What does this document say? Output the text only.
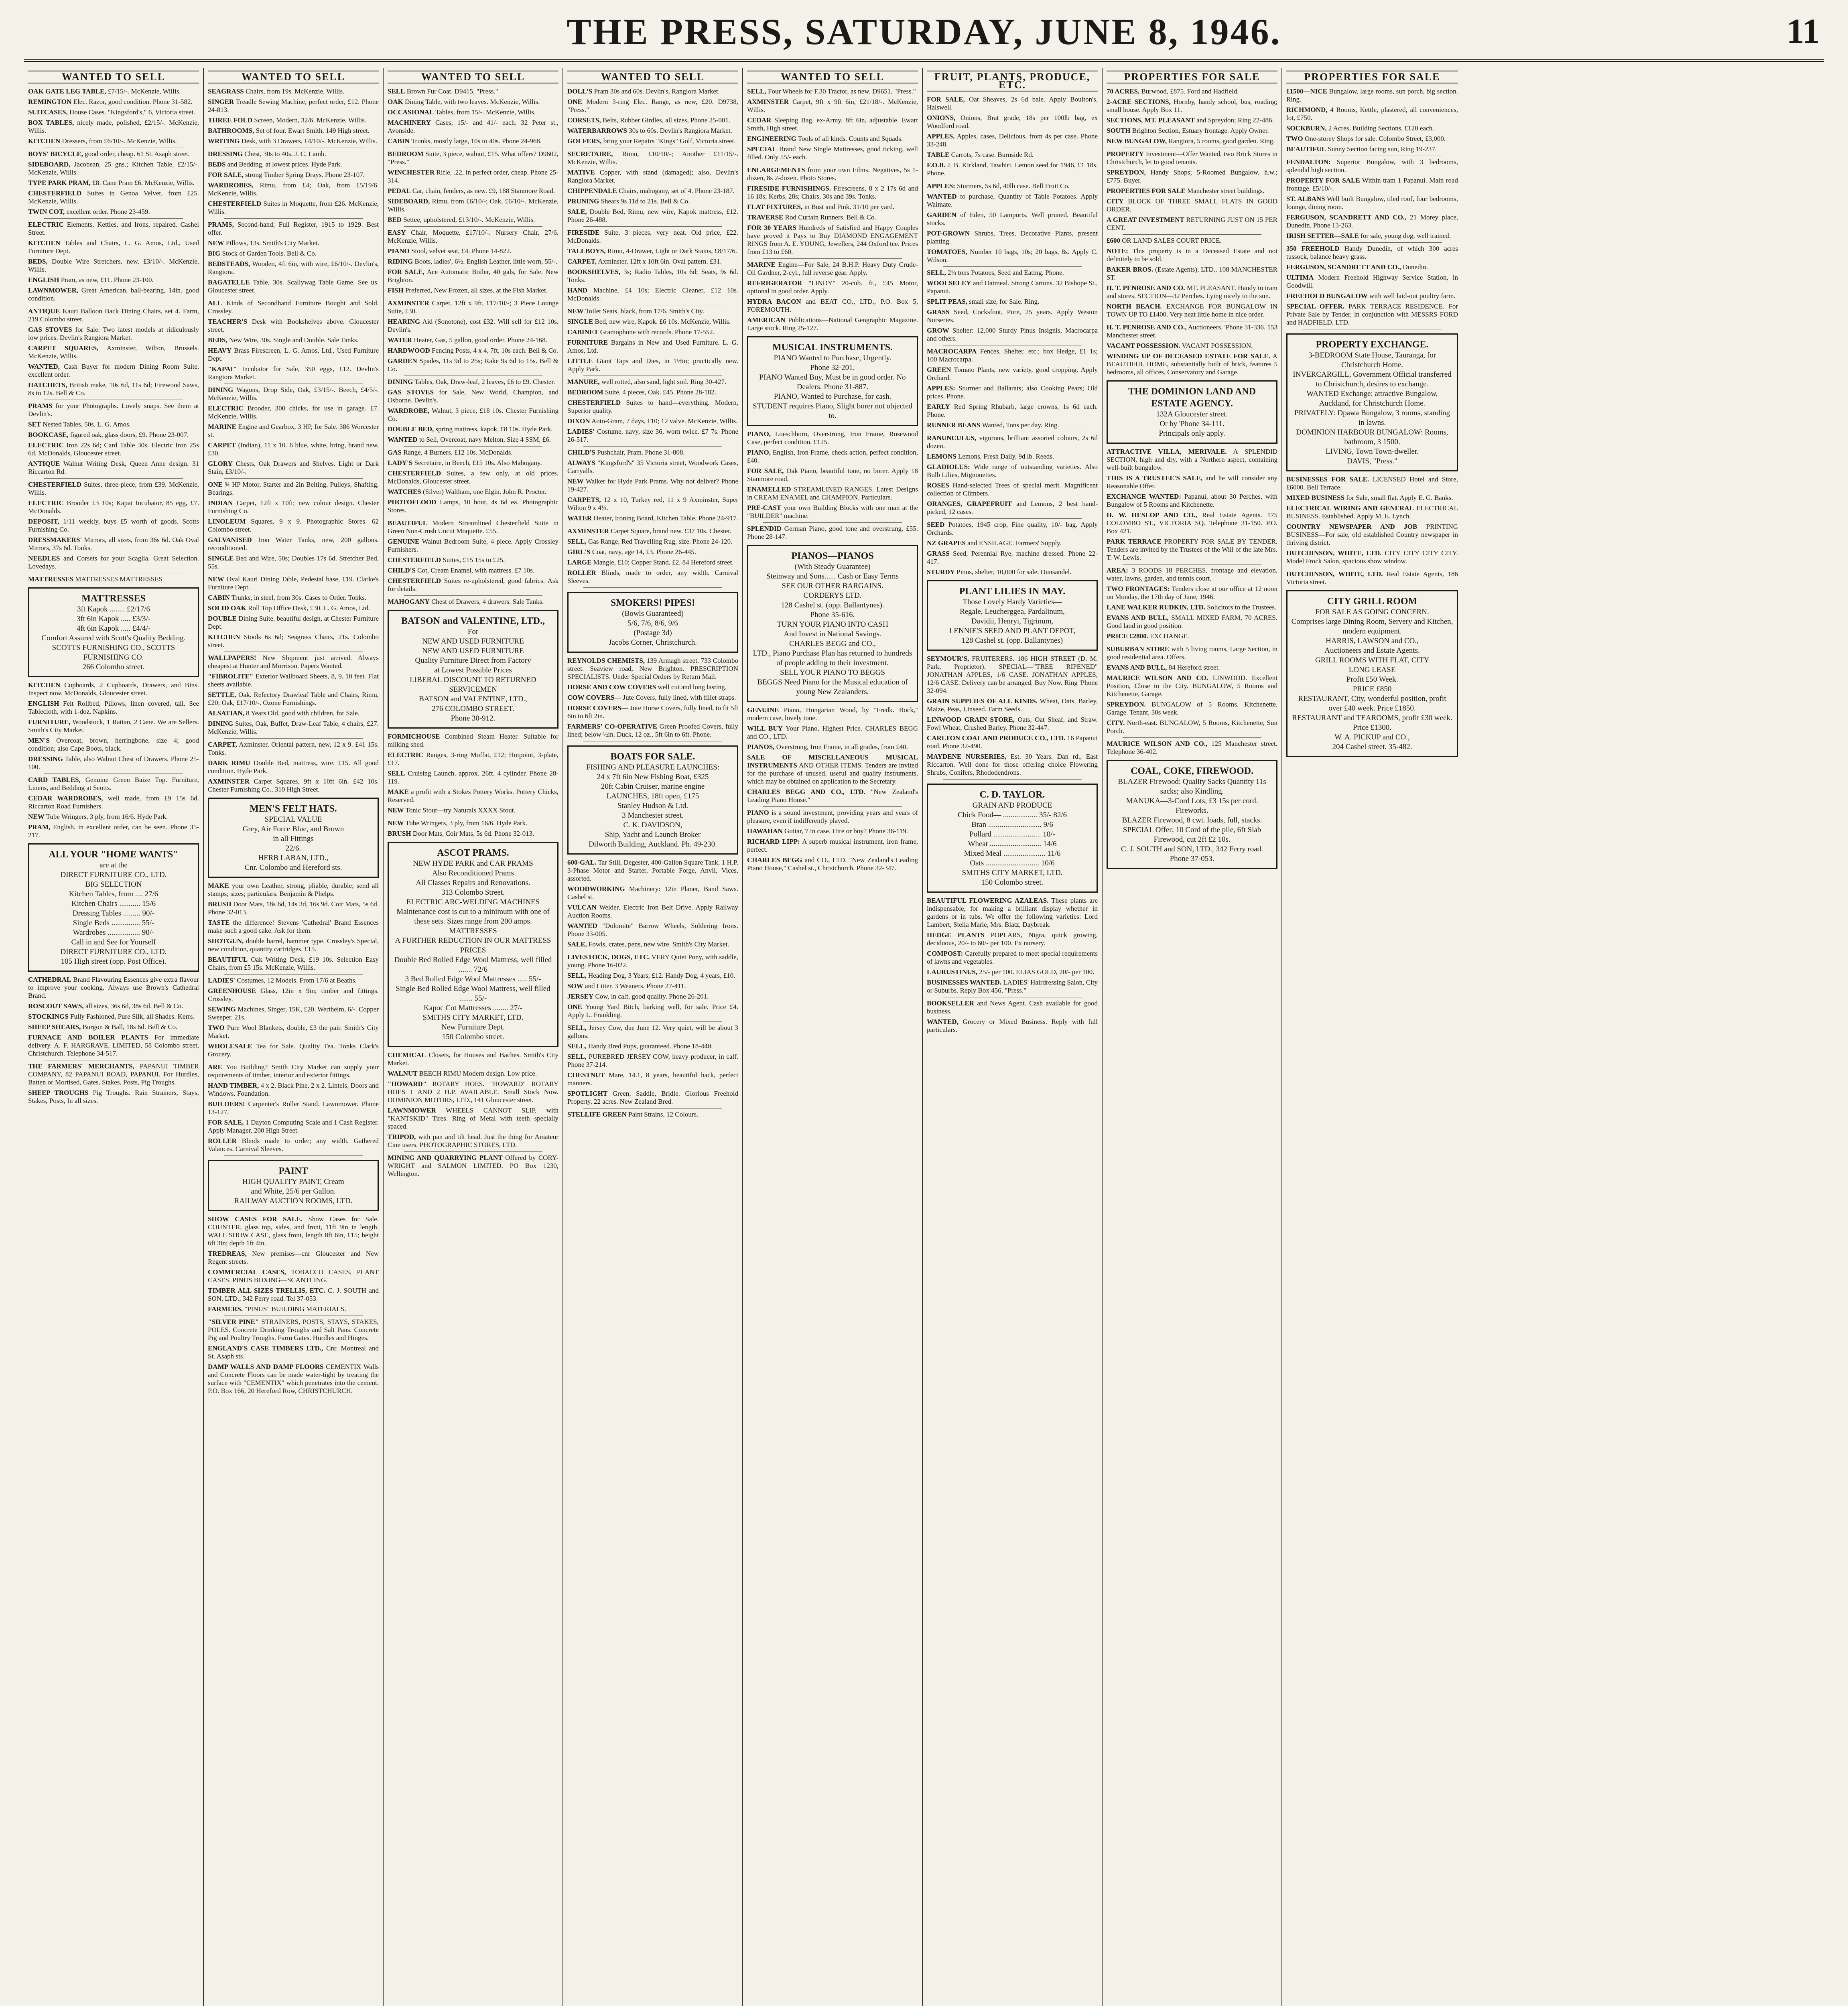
THE PRESS, SATURDAY, JUNE 8, 1946.	11
WANTED TO SELL

OAK GATE LEG TABLE, £7/15/-. McKenzie, Willis.

REMINGTON Elec. Razor, good condition. Phone 31-582.

SUITCASES, House Cases. "Kingsford's," 6, Victoria street.

BOX TABLES, nicely made, polished, £2/15/-. McKenzie, Willis.

KITCHEN Dressers, from £6/10/-. McKenzie, Willis.

BOYS' BICYCLE, good order, cheap. 61 St. Asaph street.

SIDEBOARD, Jacobean, 25 gns.; Kitchen Table, £2/15/-. McKenzie, Willis.

TYPE PARK PRAM, £8. Cane Pram £6. McKenzie, Willis.

CHESTERFIELD Suites in Genoa Velvet, from £25. McKenzie, Willis.

TWIN COT, excellent order. Phone 23-459.

ELECTRIC Elements, Kettles, and Irons, repaired. Cashel Street.

KITCHEN Tables and Chairs, L. G. Amos, Ltd., Used Furniture Dept.

BEDS, Double Wire Stretchers, new, £3/10/-. McKenzie, Willis.

ENGLISH Pram, as new, £11. Phone 23-100.

LAWNMOWER, Great American, ball-bearing, 14in. good condition.

ANTIQUE Kauri Balloon Back Dining Chairs, set 4. Farm, 219 Colombo street.

GAS STOVES for Sale. Two latest models at ridiculously low prices. Devlin's Rangiora Market.

CARPET SQUARES, Axminster, Wilton, Brussels. McKenzie, Willis.

WANTED, Cash Buyer for modern Dining Room Suite, excellent order.

HATCHETS, British make, 10s 6d, 11s 6d; Firewood Saws, 8s to 12s. Bell & Co.

PRAMS for your Photographs. Lovely snaps. See them at Devlin's.

SET Nested Tables, 50s. L. G. Amos.

BOOKCASE, figured oak, glass doors, £9. Phone 23-007.

ELECTRIC Iron 22s 6d; Card Table 30s. Electric Iron 25s 6d. McDonalds, Gloucester street.

ANTIQUE Walnut Writing Desk, Queen Anne design. 31 Riccarton Rd.

CHESTERFIELD Suites, three-piece, from £39. McKenzie, Willis.

ELECTRIC Brooder £3 10s; Kapai Incubator, 85 egg, £7. McDonalds.

DEPOSIT, 1/11 weekly, buys £5 worth of goods. Scotts Furnishing Co.

DRESSMAKERS' Mirrors, all sizes, from 36s 6d. Oak Oval Mirrors, 37s 6d. Tonks.

NEEDLES and Corsets for your Scaglia. Great Selection. Lovedays.

MATTRESSES MATTRESSES MATTRESSES

MATTRESSES
3ft Kapok ........ £2/17/6
3ft 6in Kapok ..... £3/3/-
4ft 6in Kapok ..... £4/4/-
Comfort Assured with Scott's Quality Bedding.
SCOTTS FURNISHING CO., SCOTTS FURNISHING CO.
266 Colombo street.

KITCHEN Cupboards, 2 Cupboards, Drawers, and Bins. Inspect now. McDonalds, Gloucester street.

ENGLISH Felt Rollbed, Pillows, linen covered, tall. See Tablecloth, with 1-doz. Napkins.

FURNITURE, Woodstock, 1 Rattan, 2 Cane. We are Sellers. Smith's City Market.

MEN'S Overcoat, brown, herringbone, size 4; good condition; also Cape Boots, black.

DRESSING Table, also Walnut Chest of Drawers. Phone 25-100.

CARD TABLES, Genuine Green Baize Top. Furniture, Linens, and Bedding at Scotts.

CEDAR WARDROBES, well made, from £9 15s 6d. Riccarton Road Furnishers.

NEW Tube Wringers, 3 ply, from 16/6. Hyde Park.

PRAM, English, in excellent order, can be seen. Phone 35-217.

ALL YOUR "HOME WANTS"
are at the
DIRECT FURNITURE CO., LTD.
BIG SELECTION
Kitchen Tables, from .... 27/6
Kitchen Chairs ........... 15/6
Dressing Tables ......... 90/-
Single Beds ............... 55/-
Wardrobes ................. 90/-
Call in and See for Yourself
DIRECT FURNITURE CO., LTD.
105 High street (opp. Post Office).

CATHEDRAL Brand Flavouring Essences give extra flavour to improve your cooking. Always use Brown's Cathedral Brand.

ROSCOUT SAWS, all sizes, 36s 6d, 38s 6d. Bell & Co.

STOCKINGS Fully Fashioned, Pure Silk, all Shades. Kerrs.

SHEEP SHEARS, Burgon & Ball, 18s 6d. Bell & Co.

FURNACE AND BOILER PLANTS For immediate delivery. A. F. HARGRAVE, LIMITED, 58 Colombo street, Christchurch. Telephone 34-517.

THE FARMERS' MERCHANTS, PAPANUI TIMBER COMPANY, 82 PAPANUI ROAD, PAPANUI. For Hurdles, Batten or Mortised, Gates, Stakes, Posts, Pig Troughs.

SHEEP TROUGHS Pig Troughs. Rain Strainers, Stays, Stakes, Posts, In all sizes.

WANTED TO SELL

SEAGRASS Chairs, from 19s. McKenzie, Willis.

SINGER Treadle Sewing Machine, perfect order, £12. Phone 24-813.

THREE FOLD Screen, Modern, 32/6. McKenzie, Willis.

BATHROOMS, Set of four. Ewart Smith, 149 High street.

WRITING Desk, with 3 Drawers, £4/10/-. McKenzie, Willis.

DRESSING Chest, 30s to 40s. J. C. Lamb.

BEDS and Bedding, at lowest prices. Hyde Park.

FOR SALE, strong Timber Spring Drays. Phone 23-107.

WARDROBES, Rimu, from £4; Oak, from £5/19/6. McKenzie, Willis.

CHESTERFIELD Suites in Moquette, from £26. McKenzie, Willis.

PRAMS, Second-hand; Full Register, 1915 to 1929. Best offer.

NEW Pillows, 13s. Smith's City Market.

BIG Stock of Garden Tools. Bell & Co.

BEDSTEADS, Wooden, 4ft 6in, with wire, £6/10/-. Devlin's, Rangiora.

BAGATELLE Table, 30s. Scallywag Table Game. See us. Gloucester street.

ALL Kinds of Secondhand Furniture Bought and Sold. Crossley.

TEACHER'S Desk with Bookshelves above. Gloucester street.

BEDS, New Wire, 30s. Single and Double. Sale Tanks.

HEAVY Brass Firescreen, L. G. Amos, Ltd., Used Furniture Dept.

"KAPAI" Incubator for Sale, 350 eggs, £12. Devlin's Rangiora Market.

DINING Wagons, Drop Side, Oak, £3/15/-. Beech, £4/5/-. McKenzie, Willis.

ELECTRIC Brooder, 300 chicks, for use in garage. £7. McKenzie, Willis.

MARINE Engine and Gearbox, 3 HP, for Sale. 386 Worcester st.

CARPET (Indian), 11 x 10. 6 blue, white, bring, brand new, £30.

GLORY Chests, Oak Drawers and Shelves. Light or Dark Stain, £3/10/-.

ONE ¾ HP Motor, Starter and 2in Belting, Pulleys, Shafting, Bearings.

INDIAN Carpet, 12ft x 10ft; new colour design. Chester Furnishing Co.

LINOLEUM Squares, 9 x 9. Photographic Stores. 62 Colombo street.

GALVANISED Iron Water Tanks, new, 200 gallons. reconditioned.

SINGLE Bed and Wire, 50s; Doubles 17s 6d. Stretcher Bed, 55s.

NEW Oval Kauri Dining Table, Pedestal base, £19. Clarke's Furniture Dept.

CABIN Trunks, in steel, from 30s. Cases to Order. Tonks.

SOLID OAK Roll Top Office Desk, £30. L. G. Amos, Ltd.

DOUBLE Dining Suite, beautiful design, at Chester Furniture Dept.

KITCHEN Stools 6s 6d; Seagrass Chairs, 21s. Colombo street.

WALLPAPERS! New Shipment just arrived. Always cheapest at Hunter and Morrison. Papers Wanted.

"FIBROLITE" Exterior Wallboard Sheets, 8, 9, 10 feet. Flat sheets available.

SETTLE, Oak. Refectory Drawleaf Table and Chairs, Rimu, £20; Oak, £17/10/-. Ozone Furnishings.

ALSATIAN, 8 Years Old, good with children, for Sale.

DINING Suites, Oak, Buffet, Draw-Leaf Table, 4 chairs, £27. McKenzie, Willis.

CARPET, Axminster, Oriental pattern, new, 12 x 9. £41 15s. Tonks.

DARK RIMU Double Bed, mattress, wire. £15. All good condition. Hyde Park.

AXMINSTER Carpet Squares, 9ft x 10ft 6in, £42 10s. Chester Furnishing Co., 310 High Street.

MEN'S FELT HATS.
SPECIAL VALUE
Grey, Air Force Blue, and Brown
in all Fittings
22/6.
HERB LABAN, LTD.,
Cnr. Colombo and Hereford sts.

MAKE your own Leather, strong, pliable, durable; send all stamps; sizes; particulars. Benjamin & Phelps.

BRUSH Door Mats, 18s 6d, 14s 3d, 16s 9d. Coir Mats, 5s 6d. Phone 32-013.

TASTE the difference! Stevens 'Cathedral' Brand Essences make such a good cake. Ask for them.

SHOTGUN, double barrel, hammer type. Crossley's Special, new condition, quantity cartridges. £15.

BEAUTIFUL Oak Writing Desk, £19 10s. Selection Easy Chairs, from £5 15s. McKenzie, Willis.

LADIES' Costumes, 12 Models. From 17/6 at Beaths.

GREENHOUSE Glass, 12in x 9in; timber and fittings. Crossley.

SEWING Machines, Singer, 15K, £20. Wertheim, 6/-. Copper Sweeper, 21s.

TWO Pure Wool Blankets, double, £3 the pair. Smith's City Market.

WHOLESALE Tea for Sale. Quality Tea. Tonks Clark's Grocery.

ARE You Building? Smith City Market can supply your requirements of timber, interior and exterior fittings.

HAND TIMBER, 4 x 2, Black Pine, 2 x 2. Lintels, Doors and Windows. Foundation.

BUILDERS! Carpenter's Roller Stand. Lawnmower. Phone 13-127.

FOR SALE, 1 Dayton Computing Scale and 1 Cash Register. Apply Manager, 200 High Street.

ROLLER Blinds made to order; any width. Gathered Valances. Carnival Sleeves.

PAINT
HIGH QUALITY PAINT, Cream
and White, 25/6 per Gallon.
RAILWAY AUCTION ROOMS, LTD.

SHOW CASES FOR SALE. Show Cases for Sale. COUNTER, glass top, sides, and front, 11ft 9in in length. WALL SHOW CASE, glass front, length 8ft 6in, £15; height 6ft 3in; depth 1ft 4in.

TREDREAS, New premises—cnr Gloucester and New Regent streets.

COMMERCIAL CASES, TOBACCO CASES, PLANT CASES. PINUS BOXING—SCANTLING.

TIMBER ALL SIZES TRELLIS, ETC. C. J. SOUTH and SON, LTD., 342 Ferry road. Tel 37-053.

FARMERS. "PINUS" BUILDING MATERIALS.

"SILVER PINE" STRAINERS, POSTS, STAYS, STAKES, POLES. Concrete Drinking Troughs and Salt Pans. Concrete Pig and Poultry Troughs. Farm Gates. Hurdles and Hinges.

ENGLAND'S CASE TIMBERS LTD., Cnr. Montreal and St. Asaph sts.

DAMP WALLS AND DAMP FLOORS CEMENTIX Walls and Concrete Floors can be made water-tight by treating the surface with "CEMENTIX" which penetrates into the cement. P.O. Box 166, 20 Hereford Row, CHRISTCHURCH.

WANTED TO SELL

SELL Brown Fur Coat. D9415, "Press."

OAK Dining Table, with two leaves. McKenzie, Willis.

OCCASIONAL Tables, from 15/-. McKenzie, Willis.

MACHINERY Cases, 15/- and 41/- each. 32 Peter st., Avonside.

CABIN Trunks, mostly large, 10s to 40s. Phone 24-968.

BEDROOM Suite, 3 piece, walnut, £15. What offers? D9602, "Press."

WINCHESTER Rifle, .22, in perfect order, cheap. Phone 25-314.

PEDAL Car, chain, fenders, as new. £9, 188 Stanmore Road.

SIDEBOARD, Rimu, from £6/10/-; Oak, £6/10/-. McKenzie, Willis.

BED Settee, upholstered, £13/10/-. McKenzie, Willis.

EASY Chair, Moquette, £17/10/-. Nursery Chair, 27/6. McKenzie, Willis.

PIANO Stool, velvet seat, £4. Phone 14-822.

RIDING Boots, ladies', 6½. English Leather, little worn, 55/-.

FOR SALE, Ace Automatic Boiler, 40 gals, for Sale. New Brighton.

FISH Preferred, New Frozen, all sizes, at the Fish Market.

AXMINSTER Carpet, 12ft x 9ft, £17/10/-; 3 Piece Lounge Suite, £30.

HEARING Aid (Sonotone), cost £32. Will sell for £12 10s. Devlin's.

WATER Heater, Gas, 5 gallon, good order. Phone 24-168.

HARDWOOD Fencing Posts, 4 x 4, 7ft, 10s each. Bell & Co.

GARDEN Spades, 11s 9d to 25s; Rake 9s 6d to 15s. Bell & Co.

DINING Tables, Oak, Draw-leaf, 2 leaves, £6 to £9. Chester.

GAS STOVES for Sale, New World, Champion, and Osborne. Devlin's.

WARDROBE, Walnut, 3 piece, £18 10s. Chester Furnishing Co.

DOUBLE BED, spring mattress, kapok, £8 10s. Hyde Park.

WANTED to Sell, Overcoat, navy Melton, Size 4 SSM, £6.

GAS Range, 4 Burners, £12 10s. McDonalds.

LADY'S Secretaire, in Beech, £15 10s. Also Mahogany.

CHESTERFIELD Suites, a few only, at old prices. McDonalds, Gloucester street.

WATCHES (Silver) Waltham, one Elgin. John R. Procter.

PHOTOFLOOD Lamps, 10 hour, 4s 6d ea. Photographic Stores.

BEAUTIFUL Modern Streamlined Chesterfield Suite in Green Non-Crush Uncut Moquette. £55.

GENUINE Walnut Bedroom Suite, 4 piece. Apply Crossley Furnishers.

CHESTERFIELD Suites, £15 15s to £25.

CHILD'S Cot, Cream Enamel, with mattress. £7 10s.

CHESTERFIELD Suites re-upholstered, good fabrics. Ask for details.

MAHOGANY Chest of Drawers, 4 drawers. Sale Tanks.

BATSON and VALENTINE, LTD.,
For
NEW AND USED FURNITURE
NEW AND USED FURNITURE
Quality Furniture Direct from Factory
at Lowest Possible Prices
LIBERAL DISCOUNT TO RETURNED
SERVICEMEN
BATSON and VALENTINE, LTD.,
276 COLOMBO STREET.
Phone 30-912.

FORMICHOUSE Combined Steam Heater. Suitable for milking shed.

ELECTRIC Ranges, 3-ring Moffat, £12; Hotpoint, 3-plate, £17.

SELL Cruising Launch, approx. 26ft, 4 cylinder. Phone 28-119.

MAKE a profit with a Stokes Pottery Works. Pottery Chicks, Reserved.

NEW Tonic Stout—try Naturals XXXX Stout.

NEW Tube Wringers, 3 ply, from 16/6. Hyde Park.

BRUSH Door Mats, Coir Mats, 5s 6d. Phone 32-013.

ASCOT PRAMS.
NEW HYDE PARK and CAR PRAMS
Also Reconditioned Prams
All Classes Repairs and Renovations.
313 Colombo Street.
ELECTRIC ARC-WELDING MACHINES
Maintenance cost is cut to a minimum with one of these sets. Sizes range from 200 amps.
MATTRESSES
A FURTHER REDUCTION IN OUR MATTRESS PRICES
Double Bed Rolled Edge Wool Mattress, well filled ....... 72/6
3 Bed Rolled Edge Wool Mattresses ..... 55/-
Single Bed Rolled Edge Wool Mattress, well filled ....... 55/-
Kapoc Cot Mattresses ........ 27/-
SMITHS CITY MARKET, LTD.
New Furniture Dept.
150 Colombo street.

CHEMICAL Closets, for Houses and Baches. Smith's City Market.

WALNUT BEECH RIMU Modern design. Low price.

"HOWARD" ROTARY HOES. "HOWARD" ROTARY HOES 1 AND 2 H.P. AVAILABLE. Small Stock Now. DOMINION MOTORS, LTD., 141 Gloucester street.

LAWNMOWER WHEELS CANNOT SLIP, with "KANTSKID" Tires. Ring of Metal with teeth specially spaced.

TRIPOD, with pan and tilt head. Just the thing for Amateur Cine users. PHOTOGRAPHIC STORES, LTD.

MINING AND QUARRYING PLANT Offered by CORY-WRIGHT and SALMON LIMITED. PO Box 1230, Wellington.

WANTED TO SELL

DOLL'S Pram 30s and 60s. Devlin's, Rangiora Market.

ONE Modern 3-ring Elec. Range, as new, £20. D9738, "Press."

CORSETS, Belts, Rubber Girdles, all sizes, Phone 25-001.

WATERBARROWS 30s to 60s. Devlin's Rangiora Market.

GOLFERS, bring your Repairs "Kings" Golf, Victoria street.

SECRETAIRE, Rimu, £10/10/-; Another £11/15/-. McKenzie, Willis.

MATIVE Copper, with stand (damaged); also, Devlin's Rangiora Market.

CHIPPENDALE Chairs, mahogany, set of 4. Phone 23-187.

PRUNING Shears 9s 11d to 21s. Bell & Co.

SALE, Double Bed, Rimu, new wire, Kapok mattress, £12. Phone 26-488.

FIRESIDE Suite, 3 pieces, very neat. Old price, £22. McDonalds.

TALLBOYS, Rimu, 4-Drawer, Light or Dark Stains, £8/17/6.

CARPET, Axminster, 12ft x 10ft 6in. Oval pattern. £31.

BOOKSHELVES, 3s; Radio Tables, 10s 6d; Seats, 9s 6d. Tonks.

HAND Machine, £4 10s; Electric Cleaner, £12 10s. McDonalds.

NEW Toilet Seats, black, from 17/6. Smith's City.

SINGLE Bed, new wire, Kapok. £6 10s. McKenzie, Willis.

CABINET Gramophone with records. Phone 17-552.

FURNITURE Bargains in New and Used Furniture. L. G. Amos, Ltd.

LITTLE Giant Taps and Dies, in 1½in; practically new. Apply Park.

MANURE, well rotted, also sand, light soil. Ring 30-427.

BEDROOM Suite, 4 pieces, Oak. £45. Phone 28-182.

CHESTERFIELD Suites to hand—everything. Modern, Superior quality.

DIXON Auto-Gram, 7 days, £10; 12 valve. McKenzie, Willis.

LADIES' Costume, navy, size 36, worn twice. £7 7s. Phone 26-517.

CHILD'S Pushchair, Pram. Phone 31-808.

ALWAYS "Kingsford's" 35 Victoria street, Woodwork Cases, Carryalls.

NEW Walker for Hyde Park Prams. Why not deliver? Phone 19-427.

CARPETS, 12 x 10, Turkey red, 11 x 9 Axminster, Super Wilton 9 x 4½.

WATER Heater, Ironing Board, Kitchen Table, Phone 24-917.

AXMINSTER Carpet Square, brand new. £37 10s. Chester.

SELL, Gas Range, Red Travelling Rug, size. Phone 24-120.

GIRL'S Coat, navy, age 14, £3. Phone 26-445.

LARGE Mangle, £10; Copper Stand, £2. 84 Hereford street.

ROLLER Blinds, made to order, any width. Carnival Sleeves.

SMOKERS! PIPES!
(Bowls Guaranteed)
5/6, 7/6, 8/6, 9/6
(Postage 3d)
Jacobs Corner, Christchurch.

REYNOLDS CHEMISTS, 139 Armagh street. 733 Colombo street. Seaview road, New Brighton. PRESCRIPTION SPECIALISTS. Under Special Orders by Return Mail.

HORSE AND COW COVERS well cut and long lasting.

COW COVERS— Jute Covers, fully lined, with fillet straps.

HORSE COVERS— Jute Horse Covers, fully lined, to fit 5ft 6in to 6ft 2in.

FARMERS' CO-OPERATIVE Green Proofed Covers, fully lined; below ½in. Duck, 12 oz., 5ft 6in to 6ft. Phone.

BOATS FOR SALE.
FISHING AND PLEASURE LAUNCHES:
24 x 7ft 6in New Fishing Boat, £325
20ft Cabin Cruiser, marine engine
LAUNCHES, 18ft open, £175
Stanley Hudson & Ltd.
3 Manchester street.
C. K. DAVIDSON,
Ship, Yacht and Launch Broker
Dilworth Building, Auckland. Ph. 49-230.

600-GAL. Tar Still, Degester, 400-Gallon Square Tank, 1 H.P. 3-Phase Motor and Starter, Portable Forge, Anvil, Vices, assorted.

WOODWORKING Machinery: 12in Planer, Band Saws. Cashel st.

VULCAN Welder, Electric Iron Belt Drive. Apply Railway Auction Rooms.

WANTED "Dolomite" Barrow Wheels, Soldering Irons. Phone 33-005.

SALE, Fowls, crates, pens, new wire. Smith's City Market.

LIVESTOCK, DOGS, ETC. VERY Quiet Pony, with saddle, young. Phone 16-022.

SELL, Heading Dog, 3 Years, £12. Handy Dog, 4 years, £10.

SOW and Litter. 3 Weaners. Phone 27-411.

JERSEY Cow, in calf, good quality. Phone 26-201.

ONE Young Yard Bitch, barking well, for sale. Price £4. Apply L. Frankling.

SELL, Jersey Cow, due June 12. Very quiet, will be about 3 gallons.

SELL, Handy Bred Pups, guaranteed. Phone 18-440.

SELL, PUREBRED JERSEY COW, heavy producer, in calf. Phone 37-214.

CHESTNUT Mare, 14.1, 8 years, beautiful hack, perfect manners.

SPOTLIGHT Green, Saddle, Bridle. Glorious Freehold Property, 22 acres. New Zealand Bred.

STELLIFE GREEN Paint Strains, 12 Colours.

WANTED TO SELL

SELL, Four Wheels for F.30 Tractor, as new. D9651, "Press."

AXMINSTER Carpet, 9ft x 9ft 6in, £21/18/-. McKenzie, Willis.

CEDAR Sleeping Bag, ex-Army, 8ft 6in, adjustable. Ewart Smith, High street.

ENGINEERING Tools of all kinds. Counts and Squads.

SPECIAL Brand New Single Mattresses, good ticking, well filled. Only 55/- each.

ENLARGEMENTS from your own Films. Negatives, 5s 1-dozen, 8s 2-dozen. Photo Stores.

FIRESIDE FURNISHINGS. Firescreens, 8 x 2 17s 6d and 16 18s; Kerbs, 28s; Chairs, 30s and 39s. Tonks.

FLAT FIXTURES, in Bust and Pink. 31/10 per yard.

TRAVERSE Rod Curtain Runners. Bell & Co.

FOR 30 YEARS Hundreds of Satisfied and Happy Couples have proved it Pays to Buy DIAMOND ENGAGEMENT RINGS from A. E. YOUNG, Jewellers, 244 Oxford tce. Prices from £13 to £60.

MARINE Engine—For Sale, 24 B.H.P. Heavy Duty Crude-Oil Gardner, 2-cyl., full reverse gear. Apply.

REFRIGERATOR "LINDY" 20-cub. ft., £45 Motor, optional in good order. Apply.

HYDRA BACON and BEAT CO., LTD., P.O. Box 5, FOREMOUTH.

AMERICAN Publications—National Geographic Magazine. Large stock. Ring 25-127.

MUSICAL INSTRUMENTS.
PIANO Wanted to Purchase, Urgently.
Phone 32-201.
PIANO Wanted Buy, Must be in good order. No Dealers. Phone 31-887.
PIANO, Wanted to Purchase, for cash.
STUDENT requires Piano, Slight borer not objected to.

PIANO, Loeschhorn, Overstrung, Iron Frame, Rosewood Case, perfect condition. £125.

PIANO, English, Iron Frame, check action, perfect condition, £40.

FOR SALE, Oak Piano, beautiful tone, no borer. Apply 18 Stanmore road.

ENAMELLED STREAMLINED RANGES. Latest Designs in CREAM ENAMEL and CHAMPION. Particulars.

PRE-CAST your own Building Blocks with one man at the "BUILDER" machine.

SPLENDID German Piano, good tone and overstrung. £55. Phone 28-147.

PIANOS—PIANOS
(With Steady Guarantee)
Steinway and Sons...... Cash or Easy Terms
SEE OUR OTHER BARGAINS.
CORDERYS LTD.
128 Cashel st. (opp. Ballantynes).
Phone 35-616.
TURN YOUR PIANO INTO CASH
And Invest in National Savings.
CHARLES BEGG and CO.,
LTD., Piano Purchase Plan has returned to hundreds of people adding to their investment.
SELL YOUR PIANO TO BEGGS
BEGGS Need Piano for the Musical education of young New Zealanders.

GENUINE Piano, Hungarian Wood, by "Fredk. Bock," modern case, lovely tone.

WILL BUY Your Piano, Highest Price. CHARLES BEGG and CO., LTD.

PIANOS, Overstrung, Iron Frame, in all grades, from £40.

SALE OF MISCELLANEOUS MUSICAL INSTRUMENTS AND OTHER ITEMS. Tenders are invited for the purchase of unused, useful and quality instruments, which may be obtained on application to the Secretary.

CHARLES BEGG AND CO., LTD. "New Zealand's Leading Piano House."

PIANO is a sound investment, providing years and years of pleasure, even if indifferently played.

HAWAIIAN Guitar, 7 in case. Hire or buy? Phone 36-119.

RICHARD LIPP: A superb musical instrument, iron frame, perfect.

CHARLES BEGG and CO., LTD. "New Zealand's Leading Piano House," Cashel st., Christchurch. Phone 32-347.

FRUIT, PLANTS, PRODUCE, ETC.

FOR SALE, Oat Sheaves, 2s 6d bale. Apply Boulton's, Halswell.

ONIONS, Onions, Brat grade, 18s per 100lb bag, ex Woodford road.

APPLES, Apples, cases, Delicious, from 4s per case. Phone 33-248.

TABLE Carrots, 7s case. Burnside Rd.

F.O.B. J. B. Kirkland, Tawhiri. Lemon seed for 1946, £1 18s. Phone.

APPLES: Sturmers, 5s 6d, 40lb case. Bell Fruit Co.

WANTED to purchase, Quantity of Table Potatoes. Apply Waimate.

GARDEN of Eden, 50 Lamports. Well pruned. Beautiful stocks.

POT-GROWN Shrubs, Trees, Decorative Plants, present planting.

TOMATOES, Number 10 bags, 10s; 20 bags, 8s. Apply C. Wilson.

SELL, 2¼ tons Potatoes, Seed and Eating. Phone.

WOOLSELEY and Oatmeal. Strong Cartons. 32 Bishope St., Papanui.

SPLIT PEAS, small size, for Sale. Ring.

GRASS Seed, Cocksfoot, Pure, 25 years. Apply Weston Nurseries.

GROW Shelter: 12,000 Sturdy Pinus Insignis, Macrocarpa and others.

MACROCARPA Fences, Shelter, etc.; box Hedge, £1 1s; 100 Macrocarpa.

GREEN Tomato Plants, new variety, good cropping. Apply Orchard.

APPLES: Sturmer and Ballarats; also Cooking Pears; Old prices. Phone.

EARLY Red Spring Rhubarb, large crowns, 1s 6d each. Phone.

RUNNER BEANS Wanted, Tons per day. Ring.

RANUNCULUS, vigorous, brilliant assorted colours, 2s 6d dozen.

LEMONS Lemons, Fresh Daily, 9d lb. Reeds.

GLADIOLUS: Wide range of outstanding varieties. Also Bulb Lilies, Mignonettes.

ROSES Hand-selected Trees of special merit. Magnificent collection of Climbers.

ORANGES, GRAPEFRUIT and Lemons, 2 best hand-picked, 12 cases.

SEED Potatoes, 1945 crop, Fine quality, 10/- bag. Apply Orchards.

NZ GRAPES and ENSILAGE. Farmers' Supply.

GRASS Seed, Perennial Rye, machine dressed. Phone 22-417.

STURDY Pinus, shelter, 10,000 for sale. Dunsandel.

PLANT LILIES IN MAY.
Those Lovely Hardy Varieties—
Regale, Leucherggea, Pardalinum,
Davidii, Henryi, Tigrinum,
LENNIE'S SEED AND PLANT DEPOT,
128 Cashel st. (opp. Ballantynes)

SEYMOUR'S, FRUITERERS. 186 HIGH STREET (D. M. Park, Proprietor). SPECIAL—"TREE RIPENED" JONATHAN APPLES, 1/6 CASE. JONATHAN APPLES, 12/6 CASE. Delivery can be arranged. Buy Now. Ring 'Phone 32-094.

GRAIN SUPPLIES OF ALL KINDS. Wheat, Oats, Barley, Maize, Peas, Linseed. Farm Seeds.

LINWOOD GRAIN STORE, Oats, Oat Sheaf, and Straw. Fowl Wheat, Crushed Barley. Phone 32-447.

CARLTON COAL AND PRODUCE CO., LTD. 16 Papanui road. Phone 32-490.

MAYDENE NURSERIES, Est. 30 Years. Dan rd., East Riccarton. Well done for those offering choice Flowering Shrubs, Conifers, Rhododendrons.

C. D. TAYLOR.
GRAIN AND PRODUCE
Chick Food— .................. 35/- 82/6
Bran ............................ 9/6
Pollard ......................... 10/-
Wheat ........................... 14/6
Mixed Meal ...................... 11/6
Oats ............................ 10/6
SMITHS CITY MARKET, LTD.
150 Colombo street.

BEAUTIFUL FLOWERING AZALEAS. These plants are indispensable, for making a brilliant display whether in gardens or in tubs. We offer the following varieties: Lord Lambert, Stella Marie, Mrs. Blatz, Daybreak.

HEDGE PLANTS POPLARS, Nigra, quick growing, deciduous, 20/- to 60/- per 100. Ex nursery.

COMPOST: Carefully prepared to meet special requirements of lawns and vegetables.

LAURUSTINUS, 25/- per 100. ELIAS GOLD, 20/- per 100.

BUSINESSES WANTED. LADIES' Hairdressing Salon, City or Suburbs. Reply Box 456, "Press."

BOOKSELLER and News Agent. Cash available for good business.

WANTED, Grocery or Mixed Business. Reply with full particulars.

PROPERTIES FOR SALE

70 ACRES, Burwood, £875. Ford and Hadfield.

2-ACRE SECTIONS, Hornby, handy school, bus, roading; small house. Apply Box 11.

SECTIONS, MT. PLEASANT and Spreydon; Ring 22-486.

SOUTH Brighton Section, Estuary frontage. Apply Owner.

NEW BUNGALOW, Rangiora, 5 rooms, good garden. Ring.

PROPERTY Investment—Offer Wanted, two Brick Stores in Christchurch, let to good tenants.

SPREYDON, Handy Shops; 5-Roomed Bungalow, h.w.; £775. Buyer.

PROPERTIES FOR SALE Manchester street buildings.

CITY BLOCK OF THREE SMALL FLATS IN GOOD ORDER.

A GREAT INVESTMENT RETURNING JUST ON 15 PER CENT.

£600 OR LAND SALES COURT PRICE.

NOTE: This property is in a Deceased Estate and not definitely to be sold.

BAKER BROS. (Estate Agents), LTD., 108 MANCHESTER ST.

H. T. PENROSE AND CO. MT. PLEASANT. Handy to tram and stores. SECTION—32 Perches. Lying nicely to the sun.

NORTH BEACH. EXCHANGE FOR BUNGALOW IN TOWN UP TO £1400. Very neat little home in nice order.

H. T. PENROSE AND CO., Auctioneers. 'Phone 31-336. 153 Manchester street.

VACANT POSSESSION. VACANT POSSESSION.

WINDING UP OF DECEASED ESTATE FOR SALE. A BEAUTIFUL HOME, substantially built of brick, features 5 bedrooms, all offices, Conservatory and Garage.

THE DOMINION LAND AND ESTATE AGENCY.
132A Gloucester street.
Or by 'Phone 34-111.
Principals only apply.

ATTRACTIVE VILLA, MERIVALE. A SPLENDID SECTION, high and dry, with a Northern aspect, containing well-built bungalow.

THIS IS A TRUSTEE'S SALE, and he will consider any Reasonable Offer.

EXCHANGE WANTED: Papanui, about 30 Perches, with Bungalow of 5 Rooms and Kitchenette.

H. W. HESLOP AND CO., Real Estate Agents. 175 COLOMBO ST., VICTORIA SQ. Telephone 31-150. P.O. Box 421.

PARK TERRACE PROPERTY FOR SALE BY TENDER. Tenders are invited by the Trustees of the Will of the late Mrs. T. W. Lewis.

AREA: 3 ROODS 18 PERCHES, frontage and elevation, water, lawns, garden, and tennis court.

TWO FRONTAGES: Tenders close at our office at 12 noon on Monday, the 17th day of June, 1946.

LANE WALKER RUDKIN, LTD. Solicitors to the Trustees.

EVANS AND BULL, SMALL MIXED FARM, 70 ACRES. Good land in good position.

PRICE £2800. EXCHANGE.

SUBURBAN STORE with 5 living rooms, Large Section, in good residential area. Offers.

EVANS AND BULL, 84 Hereford street.

MAURICE WILSON AND CO. LINWOOD. Excellent Position, Close to the City. BUNGALOW, 5 Rooms and Kitchenette, Garage.

SPREYDON. BUNGALOW of 5 Rooms, Kitchenette, Garage. Tenant, 30s week.

CITY. North-east. BUNGALOW, 5 Rooms, Kitchenette, Sun Porch.

MAURICE WILSON AND CO., 125 Manchester street. Telephone 36-402.

COAL, COKE, FIREWOOD.
BLAZER Firewood: Quality Sacks Quantity 11s sacks; also Kindling.
MANUKA—3-Cord Lots, £3 15s per cord.
Fireworks.
BLAZER Firewood, 8 cwt. loads, full, stacks.
SPECIAL Offer: 10 Cord of the pile, 6ft Slab Firewood, cut 2ft £2 10s.
C. J. SOUTH and SON, LTD., 342 Ferry road. Phone 37-053.
PROPERTIES FOR SALE

£1500—NICE Bungalow, large rooms, sun porch, big section. Ring.

RICHMOND, 4 Rooms, Kettle, plastered, all conveniences, lot, £750.

SOCKBURN, 2 Acres, Building Sections, £120 each.

TWO One-storey Shops for sale. Colombo Street, £3,000.

BEAUTIFUL Sunny Section facing sun, Ring 19-237.

FENDALTON: Superior Bungalow, with 3 bedrooms, splendid high section.

PROPERTY FOR SALE Within tram 1 Papanui. Main road frontage. £5/10/-.

ST. ALBANS Well built Bungalow, tiled roof, four bedrooms, lounge, dining room.

FERGUSON, SCANDRETT AND CO., 21 Morey place, Dunedin. Phone 13-263.

IRISH SETTER—SALE for sale, young dog, well trained.

350 FREEHOLD Handy Dunedin, of which 300 acres tussock, balance heavy grass.

FERGUSON, SCANDRETT AND CO., Dunedin.

ULTIMA Modern Freehold Highway Service Station, in Goodwill.

FREEHOLD BUNGALOW with well laid-out poultry farm.

SPECIAL OFFER. PARK TERRACE RESIDENCE. For Private Sale by Tender, in conjunction with MESSRS FORD and HADFIELD, LTD.

PROPERTY EXCHANGE.
3-BEDROOM State House, Tauranga, for Christchurch Home.
INVERCARGILL, Government Official transferred to Christchurch, desires to exchange.
WANTED Exchange: attractive Bungalow, Auckland, for Christchurch Home.
PRIVATELY: Dpawa Bungalow, 3 rooms, standing in lawns.
DOMINION HARBOUR BUNGALOW: Rooms, bathroom, 3 1500.
LIVING, Town Town-dweller.
DAVIS, "Press."

BUSINESSES FOR SALE. LICENSED Hotel and Store, £6000. Bell Terrace.

MIXED BUSINESS for Sale, small flat. Apply E. G. Banks.

ELECTRICAL WIRING AND GENERAL ELECTRICAL BUSINESS. Established. Apply M. E. Lynch.

COUNTRY NEWSPAPER AND JOB PRINTING BUSINESS—For sale, old established Country newspaper in thriving district.

HUTCHINSON, WHITE, LTD. CITY CITY CITY CITY. Model Frock Salon, spacious show window.

HUTCHINSON, WHITE, LTD. Real Estate Agents, 186 Victoria street.

CITY GRILL ROOM
FOR SALE AS GOING CONCERN.
Comprises large Dining Room, Servery and Kitchen, modern equipment.
HARRIS, LAWSON and CO.,
Auctioneers and Estate Agents.
GRILL ROOMS WITH FLAT, CITY
LONG LEASE
Profit £50 Week.
PRICE £850
RESTAURANT, City, wonderful position, profit over £40 week. Price £1850.
RESTAURANT and TEAROOMS, profit £30 week. Price £1300.
W. A. PICKUP and CO.,
204 Cashel street. 35-482.
